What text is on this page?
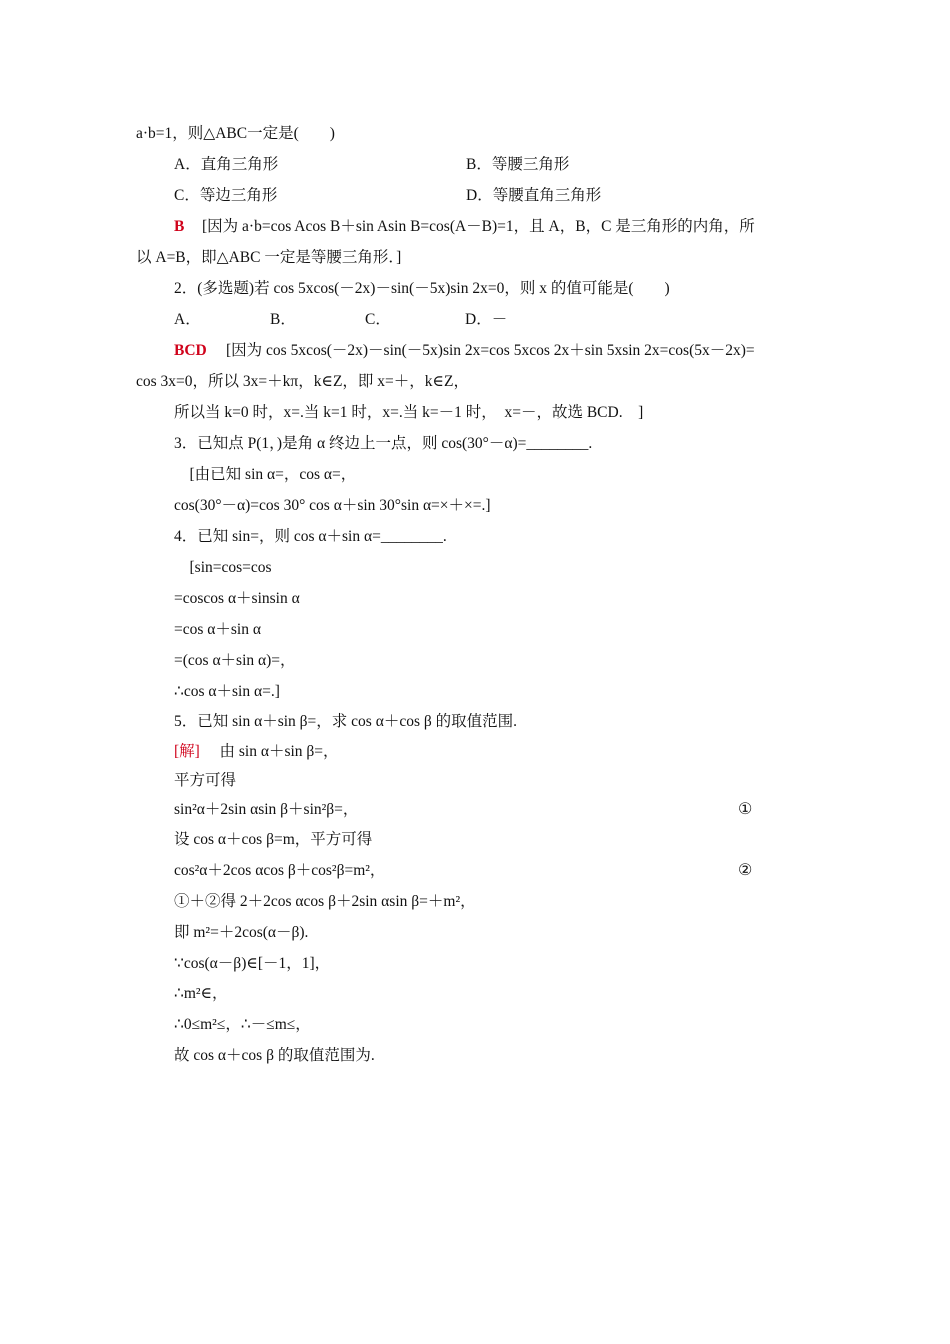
a·b=1，则△ABC一定是(　　)
A．直角三角形	B．等腰三角形
C．等边三角形	D．等腰直角三角形
B [因为 a·b=cos Acos B＋sin Asin B=cos(A－B)=1，且 A，B，C 是三角形的内角，所
以 A=B，即△ABC 一定是等腰三角形．]
2．(多选题)若 cos 5xcos(－2x)－sin(－5x)sin 2x=0，则 x 的值可能是(　　)
A．	B．	C．	D．－
BCD [因为 cos 5xcos(－2x)－sin(－5x)sin 2x=cos 5xcos 2x＋sin 5xsin 2x=cos(5x－2x)=
cos 3x=0，所以 3x=＋kπ，k∈Z，即 x=＋，k∈Z，
所以当 k=0 时，x=.当 k=1 时，x=.当 k=－1 时，　x=－，故选 BCD.　]
3．已知点 P(1，)是角 α 终边上一点，则 cos(30°－α)=________.
　[由已知 sin α=，cos α=，
cos(30°－α)=cos 30° cos α＋sin 30°sin α=×＋×=.]
4．已知 sin=，则 cos α＋sin α=________.
　[sin=cos=cos
=coscos α＋sinsin α
=cos α＋sin α
=(cos α＋sin α)=，
∴cos α＋sin α=.]
5．已知 sin α＋sin β=，求 cos α＋cos β 的取值范围.
[解] 　由 sin α＋sin β=，
平方可得
sin²α＋2sin αsin β＋sin²β=，	①
设 cos α＋cos β=m，平方可得
cos²α＋2cos αcos β＋cos²β=m²，	②
①＋②得 2＋2cos αcos β＋2sin αsin β=＋m²，
即 m²=＋2cos(α－β).
∵cos(α－β)∈[－1，1]，
∴m²∈，
∴0≤m²≤，∴－≤m≤，
故 cos α＋cos β 的取值范围为.
